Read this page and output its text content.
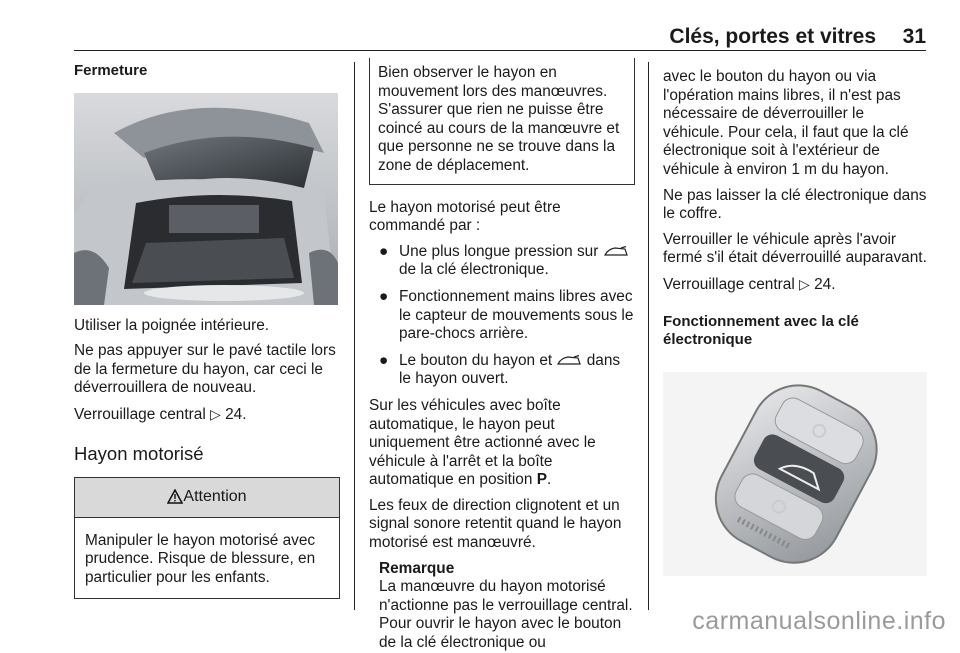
Clés, portes et vitres 31
Fermeture

Utiliser la poignée intérieure.

Ne pas appuyer sur le pavé tactile lors de la fermeture du hayon, car ceci le déverrouillera de nouveau.

Verrouillage central ▷ 24.

Hayon motorisé
Attention
Manipuler le hayon motorisé avec prudence. Risque de blessure, en particulier pour les enfants.
Bien observer le hayon en mouvement lors des manœuvres. S'assurer que rien ne puisse être coincé au cours de la manœuvre et que personne ne se trouve dans la zone de déplacement.

Le hayon motorisé peut être commandé par :

● Une plus longue pression sur  de la clé électronique.
● Fonctionnement mains libres avec le capteur de mouvements sous le pare-chocs arrière.
● Le bouton du hayon et dans le hayon ouvert.

Sur les véhicules avec boîte automatique, le hayon peut uniquement être actionné avec le véhicule à l'arrêt et la boîte automatique en position P.

Les feux de direction clignotent et un signal sonore retentit quand le hayon motorisé est manœuvré.

Remarque
La manœuvre du hayon motorisé n'actionne pas le verrouillage central. Pour ouvrir le hayon avec le bouton de la clé électronique ou

avec le bouton du hayon ou via l'opération mains libres, il n'est pas nécessaire de déverrouiller le véhicule. Pour cela, il faut que la clé électronique soit à l'extérieur de véhicule à environ 1 m du hayon.

Ne pas laisser la clé électronique dans le coffre.

Verrouiller le véhicule après l'avoir fermé s'il était déverrouillé auparavant.

Verrouillage central ▷ 24.

Fonctionnement avec la clé électronique
carmanualsonline.info
